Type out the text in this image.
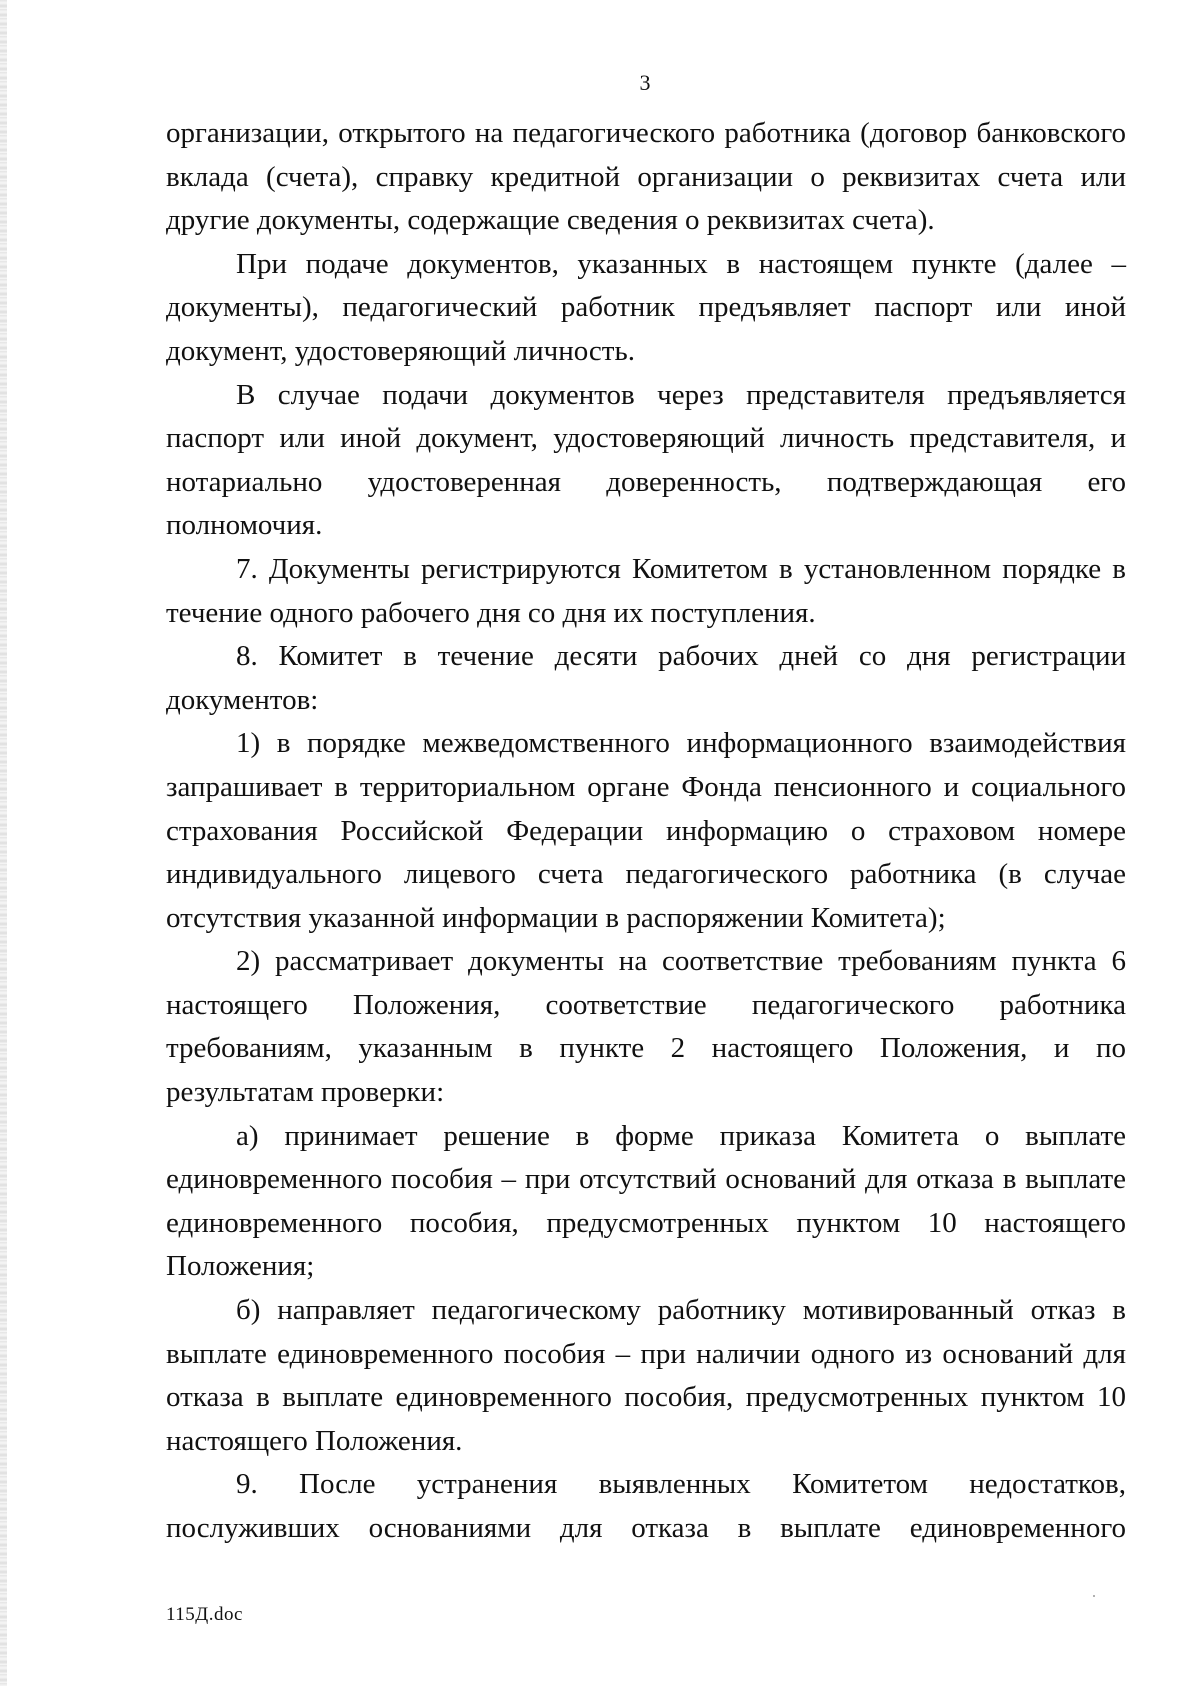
3

организации, открытого на педагогического работника (договор банковского вклада (счета), справку кредитной организации о реквизитах счета или другие документы, содержащие сведения о реквизитах счета).

При подаче документов, указанных в настоящем пункте (далее – документы), педагогический работник предъявляет паспорт или иной документ, удостоверяющий личность.

В случае подачи документов через представителя предъявляется паспорт или иной документ, удостоверяющий личность представителя, и нотариально удостоверенная доверенность, подтверждающая его полномочия.

7. Документы регистрируются Комитетом в установленном порядке в течение одного рабочего дня со дня их поступления.

8. Комитет в течение десяти рабочих дней со дня регистрации документов:

1) в порядке межведомственного информационного взаимодействия запрашивает в территориальном органе Фонда пенсионного и социального страхования Российской Федерации информацию о страховом номере индивидуального лицевого счета педагогического работника (в случае отсутствия указанной информации в распоряжении Комитета);

2) рассматривает документы на соответствие требованиям пункта 6 настоящего Положения, соответствие педагогического работника требованиям, указанным в пункте 2 настоящего Положения, и по результатам проверки:

а) принимает решение в форме приказа Комитета о выплате единовременного пособия – при отсутствий оснований для отказа в выплате единовременного пособия, предусмотренных пунктом 10 настоящего Положения;

б) направляет педагогическому работнику мотивированный отказ в выплате единовременного пособия – при наличии одного из оснований для отказа в выплате единовременного пособия, предусмотренных пунктом 10 настоящего Положения.

9. После устранения выявленных Комитетом недостатков, послуживших основаниями для отказа в выплате единовременного

115Д.doc
